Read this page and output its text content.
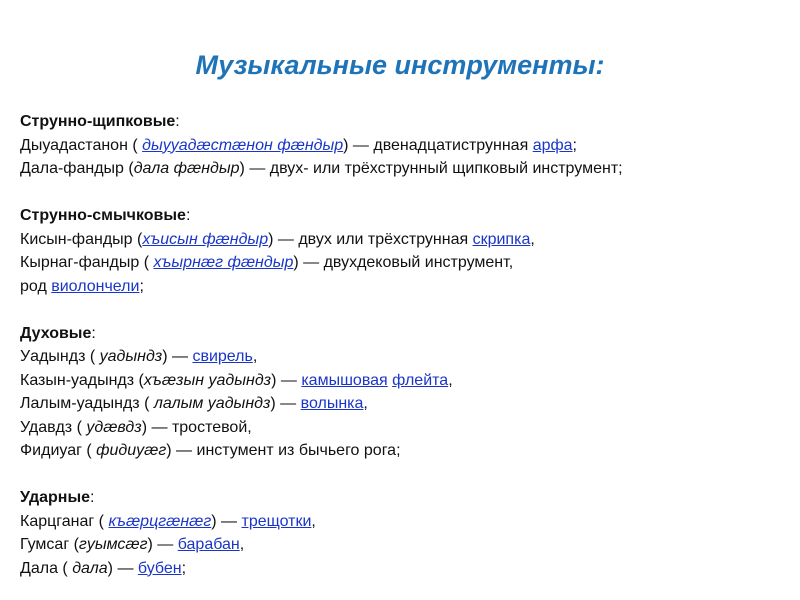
Музыкальные инструменты:
Струнно-щипковые:
Дыуадастанон ( дыууадæстæнон фæндыр) — двенадцатиструнная арфа;
Дала-фандыр (дала фæндыр) — двух- или трёхструнный щипковый инструмент;
Струнно-смычковые:
Кисын-фандыр (хъисын фæндыр) — двух или трёхструнная скрипка,
Кырнаг-фандыр ( хъырнæг фæндыр) — двухдековый инструмент,
род виолончели;
Духовые:
Уадындз ( уадындз) — свирель,
Казын-уадындз (хъæзын уадындз) — камышовая флейта,
Лалым-уадындз ( лалым уадындз) — волынка,
Удавдз ( удæвдз) — тростевой,
Фидиуаг ( фидиуæг) — инстумент из бычьего рога;
Ударные:
Карцганаг ( къæрцгæнæг) — трещотки,
Гумсаг (гуымсæг) — барабан,
Дала ( дала) — бубен;
